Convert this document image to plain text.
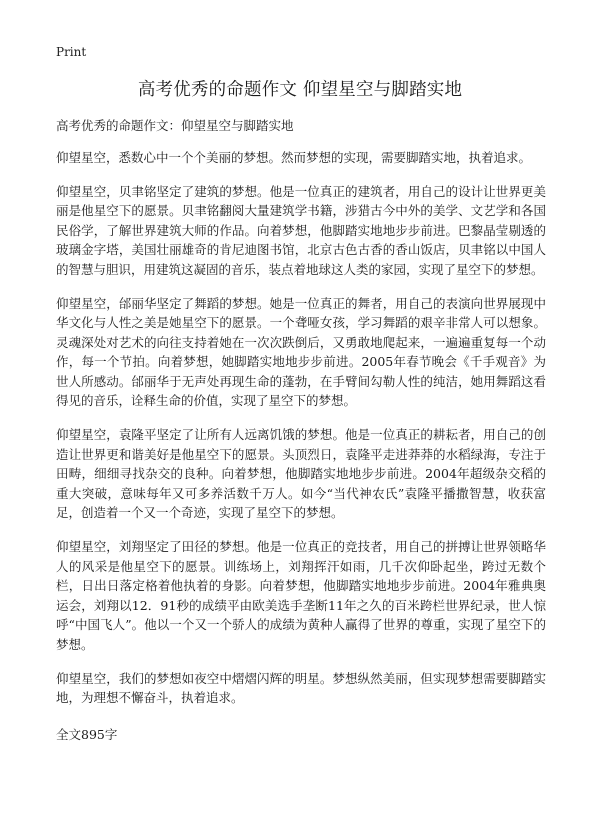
Print
高考优秀的命题作文 仰望星空与脚踏实地

高考优秀的命题作文：仰望星空与脚踏实地

仰望星空，悉数心中一个个美丽的梦想。然而梦想的实现，需要脚踏实地，执着追求。

仰望星空，贝聿铭坚定了建筑的梦想。他是一位真正的建筑者，用自己的设计让世界更美丽是他星空下的愿景。贝聿铭翻阅大量建筑学书籍，涉猎古今中外的美学、文艺学和各国民俗学，了解世界建筑大师的作品。向着梦想，他脚踏实地地步步前进。巴黎晶莹剔透的玻璃金字塔，美国壮丽雄奇的肯尼迪图书馆，北京古色古香的香山饭店，贝聿铭以中国人的智慧与胆识，用建筑这凝固的音乐，装点着地球这人类的家园，实现了星空下的梦想。

仰望星空，邰丽华坚定了舞蹈的梦想。她是一位真正的舞者，用自己的表演向世界展现中华文化与人性之美是她星空下的愿景。一个聋哑女孩，学习舞蹈的艰辛非常人可以想象。灵魂深处对艺术的向往支持着她在一次次跌倒后，又勇敢地爬起来，一遍遍重复每一个动作，每一个节拍。向着梦想，她脚踏实地地步步前进。2005年春节晚会《千手观音》为世人所感动。邰丽华于无声处再现生命的蓬勃，在手臂间勾勒人性的纯洁，她用舞蹈这看得见的音乐，诠释生命的价值，实现了星空下的梦想。

仰望星空，袁隆平坚定了让所有人远离饥饿的梦想。他是一位真正的耕耘者，用自己的创造让世界更和谐美好是他星空下的愿景。头顶烈日，袁隆平走进莽莽的水稻绿海，专注于田畴，细细寻找杂交的良种。向着梦想，他脚踏实地地步步前进。2004年超级杂交稻的重大突破，意味每年又可多养活数千万人。如今“当代神农氏”袁隆平播撒智慧，收获富足，创造着一个又一个奇迹，实现了星空下的梦想。

仰望星空，刘翔坚定了田径的梦想。他是一位真正的竞技者，用自己的拼搏让世界领略华人的风采是他星空下的愿景。训练场上，刘翔挥汗如雨，几千次仰卧起坐，跨过无数个栏，日出日落定格着他执着的身影。向着梦想，他脚踏实地地步步前进。2004年雅典奥运会，刘翔以12．91秒的成绩平由欧美选手垄断11年之久的百米跨栏世界纪录，世人惊呼“中国飞人”。他以一个又一个骄人的成绩为黄种人赢得了世界的尊重，实现了星空下的梦想。

仰望星空，我们的梦想如夜空中熠熠闪辉的明星。梦想纵然美丽，但实现梦想需要脚踏实地，为理想不懈奋斗，执着追求。

全文895字
